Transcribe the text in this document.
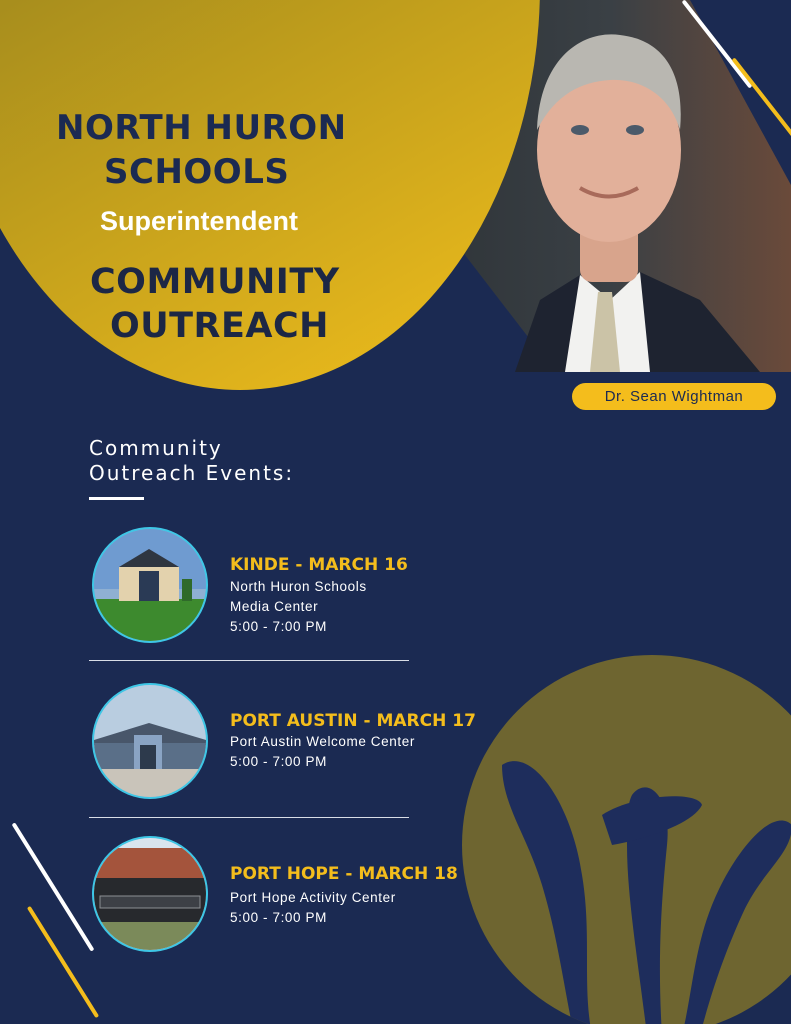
NORTH HURON
SCHOOLS
Superintendent
COMMUNITY
OUTREACH
Dr. Sean Wightman
Community
Outreach Events:
KINDE - MARCH 16
North Huron Schools
Media Center
5:00 - 7:00 PM
PORT AUSTIN - MARCH 17
Port Austin Welcome Center
5:00 - 7:00 PM
PORT HOPE - MARCH 18
Port Hope Activity Center
5:00 - 7:00 PM
